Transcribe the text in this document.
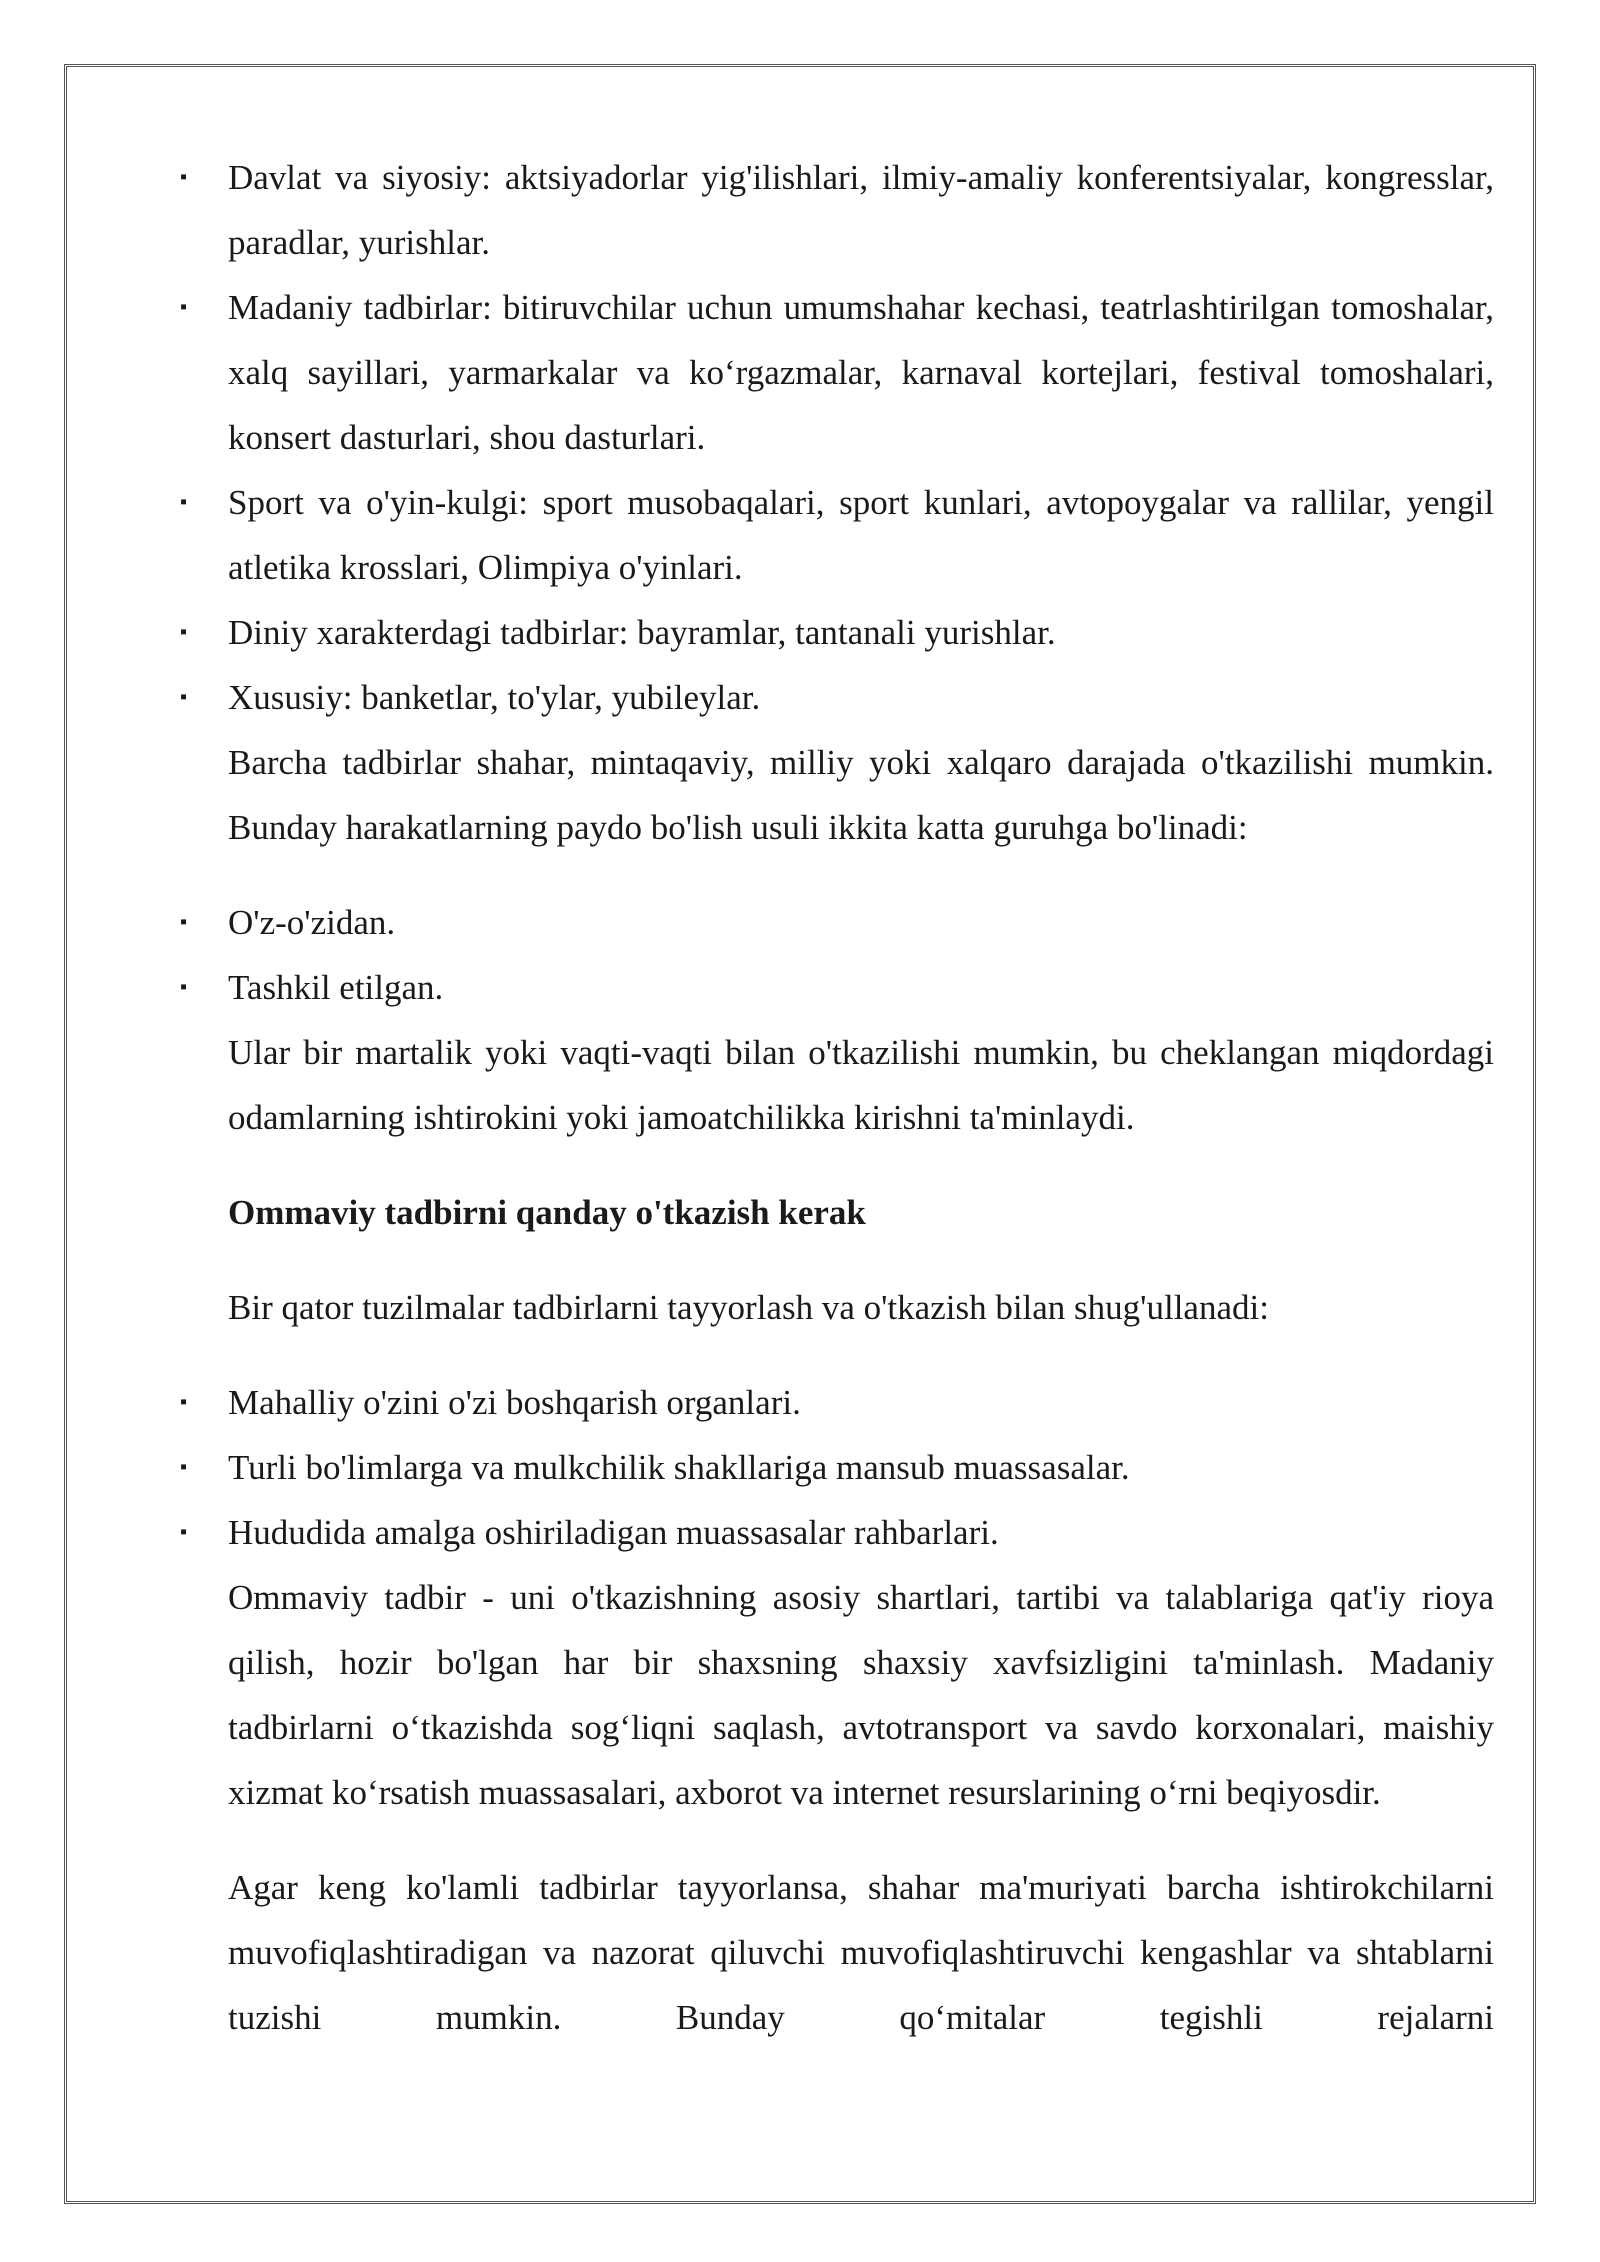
▪ Davlat va siyosiy: aktsiyadorlar yig'ilishlari, ilmiy-amaliy konferentsiyalar, kongresslar, paradlar, yurishlar.
▪ Madaniy tadbirlar: bitiruvchilar uchun umumshahar kechasi, teatrlashtirilgan tomoshalar, xalq sayillari, yarmarkalar va koʻrgazmalar, karnaval kortejlari, festival tomoshalari, konsert dasturlari, shou dasturlari.
▪ Sport va o'yin-kulgi: sport musobaqalari, sport kunlari, avtopoygalar va rallilar, yengil atletika krosslari, Olimpiya o'yinlari.
▪ Diniy xarakterdagi tadbirlar: bayramlar, tantanali yurishlar.
▪ Xususiy: banketlar, to'ylar, yubileylar.

Barcha tadbirlar shahar, mintaqaviy, milliy yoki xalqaro darajada o'tkazilishi mumkin. Bunday harakatlarning paydo bo'lish usuli ikkita katta guruhga bo'linadi:

▪ O'z-o'zidan.
▪ Tashkil etilgan.

Ular bir martalik yoki vaqti-vaqti bilan o'tkazilishi mumkin, bu cheklangan miqdordagi odamlarning ishtirokini yoki jamoatchilikka kirishni ta'minlaydi.

Ommaviy tadbirni qanday o'tkazish kerak

Bir qator tuzilmalar tadbirlarni tayyorlash va o'tkazish bilan shug'ullanadi:

▪ Mahalliy o'zini o'zi boshqarish organlari.
▪ Turli bo'limlarga va mulkchilik shakllariga mansub muassasalar.
▪ Hududida amalga oshiriladigan muassasalar rahbarlari.

Ommaviy tadbir - uni o'tkazishning asosiy shartlari, tartibi va talablariga qat'iy rioya qilish, hozir bo'lgan har bir shaxsning shaxsiy xavfsizligini ta'minlash. Madaniy tadbirlarni oʻtkazishda sogʻliqni saqlash, avtotransport va savdo korxonalari, maishiy xizmat koʻrsatish muassasalari, axborot va internet resurslarining oʻrni beqiyosdir.

Agar keng ko'lamli tadbirlar tayyorlansa, shahar ma'muriyati barcha ishtirokchilarni muvofiqlashtiradigan va nazorat qiluvchi muvofiqlashtiruvchi kengashlar va shtablarni tuzishi mumkin. Bunday qoʻmitalar tegishli rejalarni
